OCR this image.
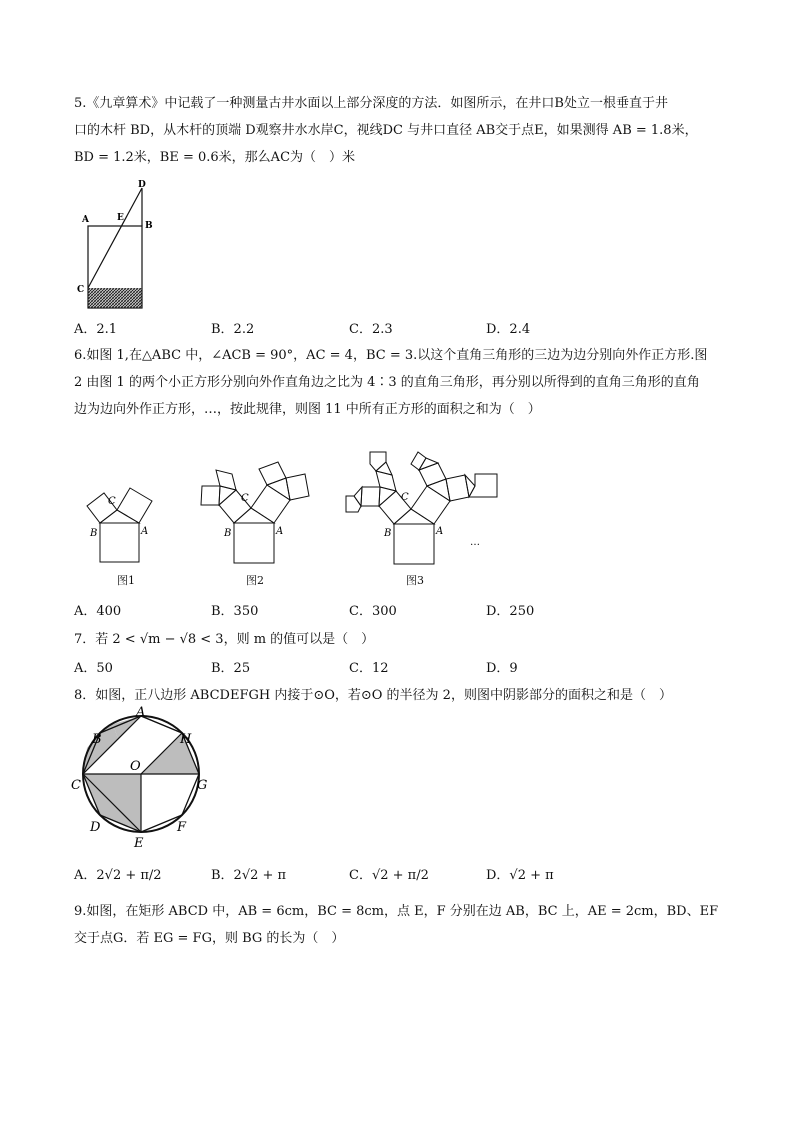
5.《九章算术》中记载了一种测量古井水面以上部分深度的方法．如图所示，在井口B处立一根垂直于井
口的木杆 BD，从木杆的顶端 D观察井水水岸C，视线DC 与井口直径 AB交于点E，如果测得 AB = 1.8米，
BD = 1.2米，BE = 0.6米，那么AC为（　）米
A	E
B
D
C
A．2.1	B．2.2	C．2.3	D．2.4
6.如图 1,在△ABC 中，∠ACB = 90°，AC = 4，BC = 3.以这个直角三角形的三边为边分别向外作正方形.图
2 由图 1 的两个小正方形分别向外作直角边之比为 4∶3 的直角三角形，再分别以所得到的直角三角形的直角
边为边向外作正方形，…，按此规律，则图 11 中所有正方形的面积之和为（　）
B	A
C
图1
B	A
C
图2
B	A
C
…
图3
A．400	B．350	C．300	D．250
7．若 2 < √m − √8 < 3，则 m 的值可以是（　）
A．50	B．25	C．12	D．9
8．如图，正八边形 ABCDEFGH 内接于⊙O，若⊙O 的半径为 2，则图中阴影部分的面积之和是（　）
A
B
C
D
E
F
G
H
O
A．2√2 + π/2	B．2√2 + π	C．√2 + π/2	D．√2 + π
9.如图，在矩形 ABCD 中，AB = 6cm，BC = 8cm，点 E，F 分别在边 AB，BC 上，AE = 2cm，BD、EF
交于点G．若 EG = FG，则 BG 的长为（　）
